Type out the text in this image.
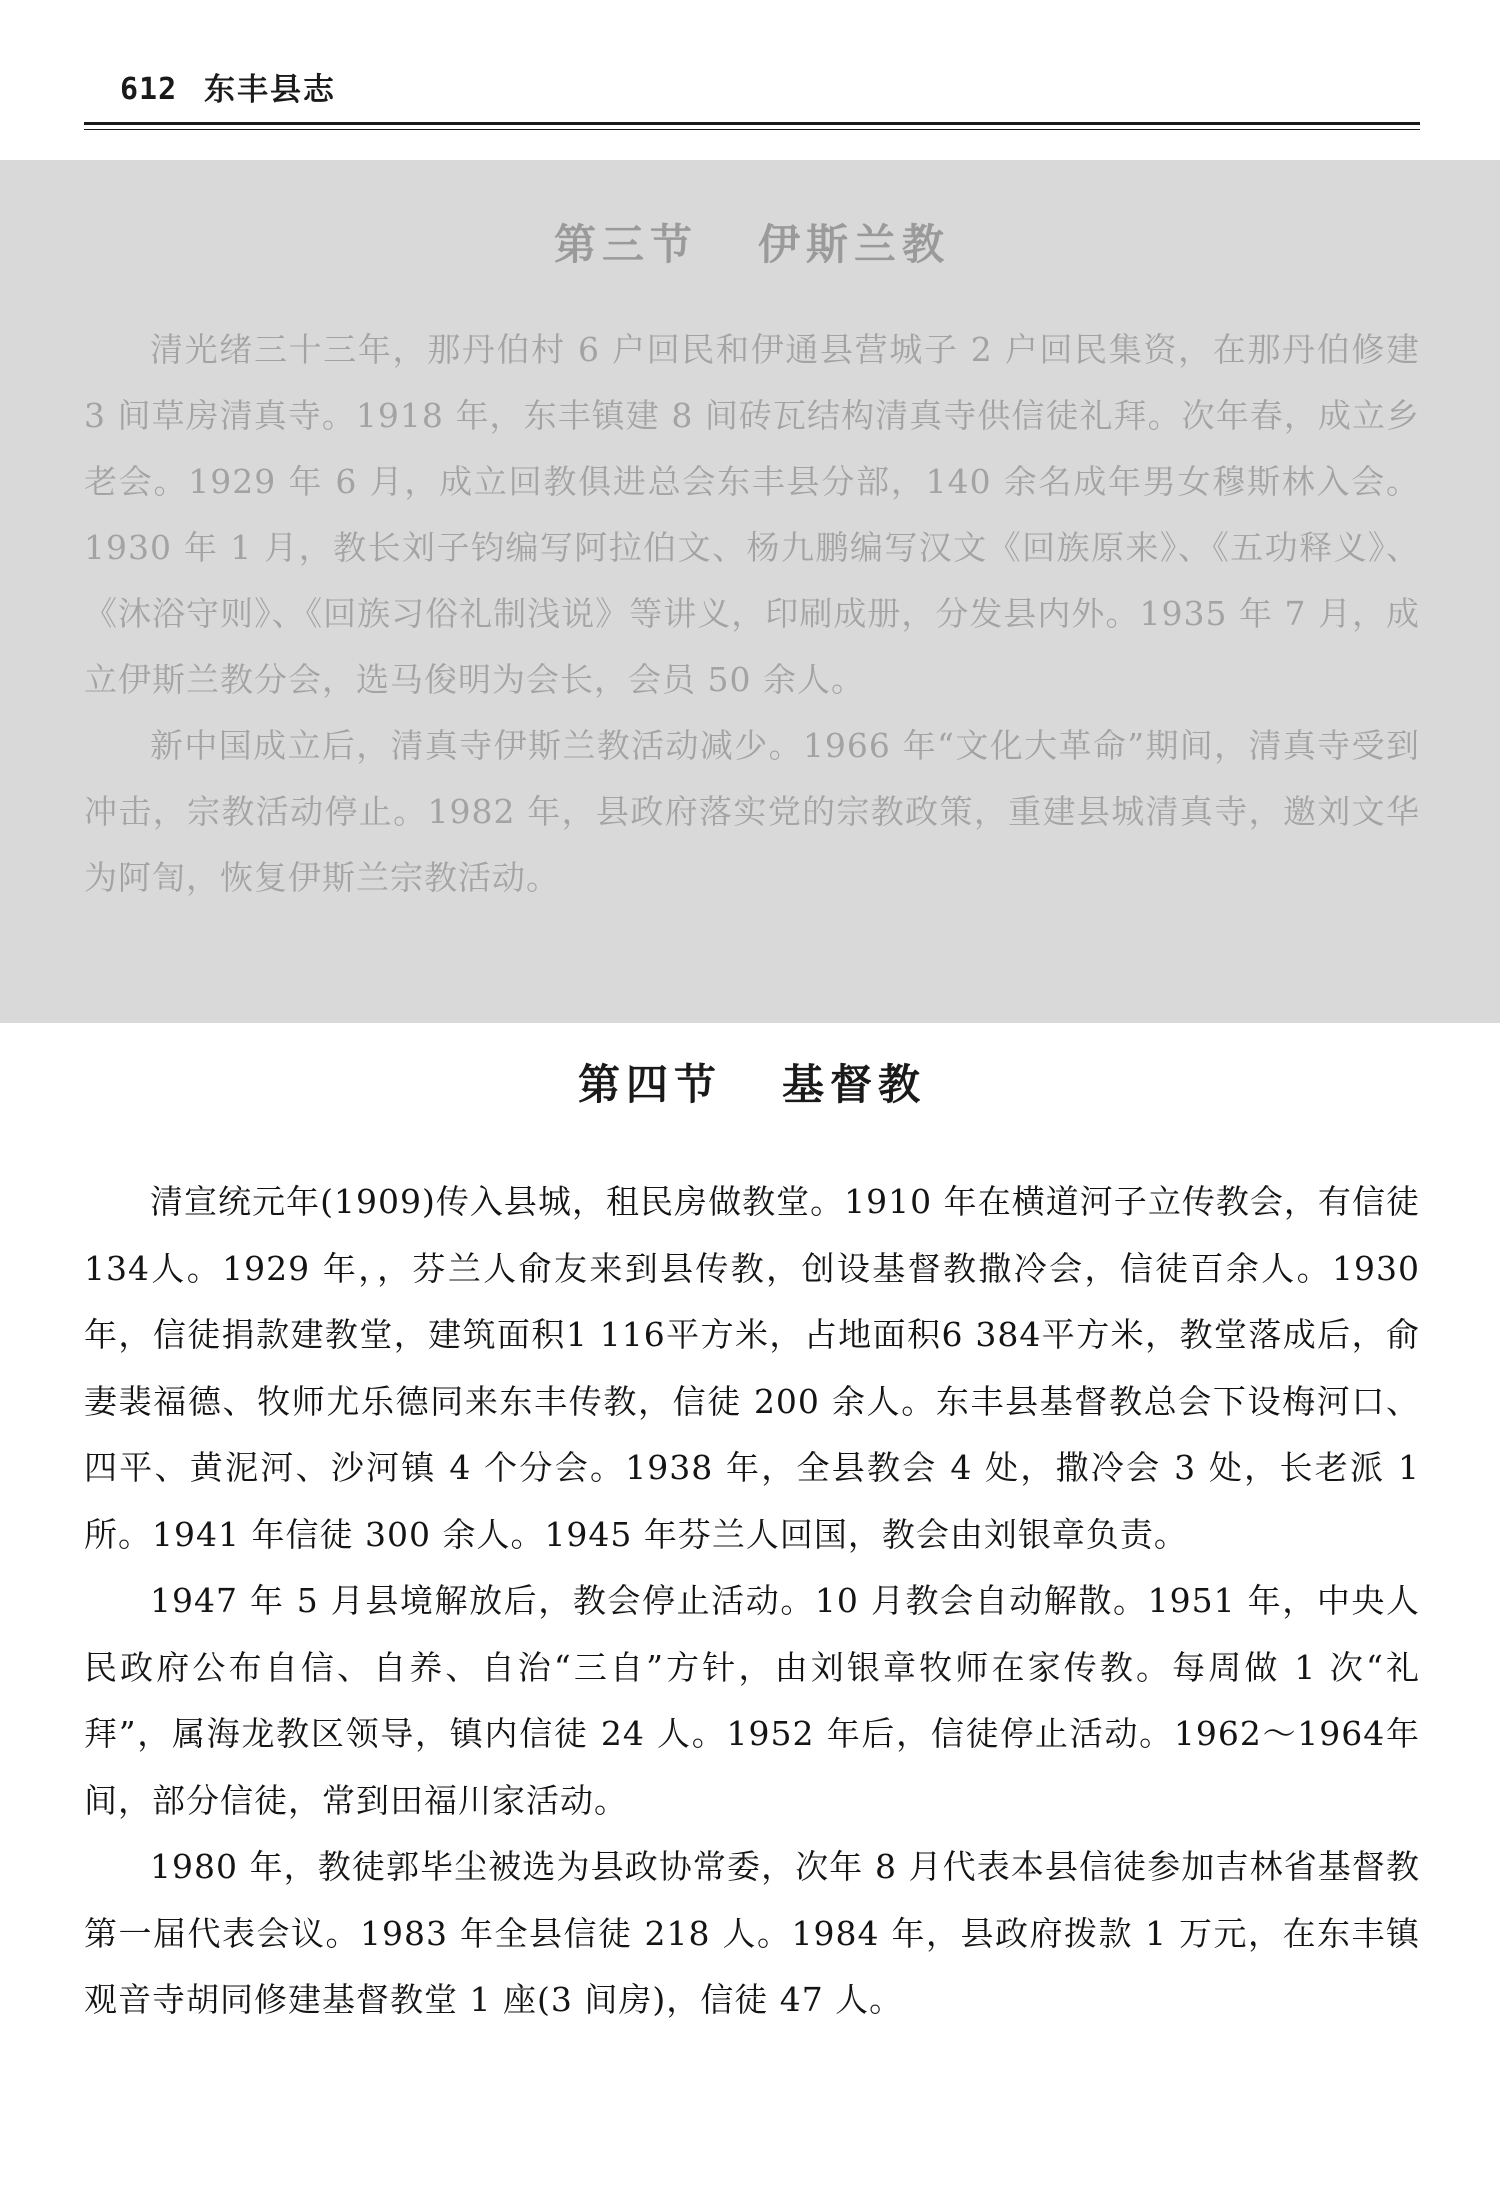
612 东丰县志
第三节 伊斯兰教

清光绪三十三年，那丹伯村 6 户回民和伊通县营城子 2 户回民集资，在那丹伯修建 3 间草房清真寺。1918 年，东丰镇建 8 间砖瓦结构清真寺供信徒礼拜。次年春，成立乡老会。1929 年 6 月，成立回教俱进总会东丰县分部，140 余名成年男女穆斯林入会。1930 年 1 月，教长刘子钧编写阿拉伯文、杨九鹏编写汉文《回族原来》、《五功释义》、《沐浴守则》、《回族习俗礼制浅说》等讲义，印刷成册，分发县内外。1935 年 7 月，成立伊斯兰教分会，选马俊明为会长，会员 50 余人。

新中国成立后，清真寺伊斯兰教活动减少。1966 年“文化大革命”期间，清真寺受到冲击，宗教活动停止。1982 年，县政府落实党的宗教政策，重建县城清真寺，邀刘文华为阿訇，恢复伊斯兰宗教活动。

第四节 基督教

清宣统元年(1909)传入县城，租民房做教堂。1910 年在横道河子立传教会，有信徒134人。1929 年，，芬兰人俞友来到县传教，创设基督教撒冷会，信徒百余人。1930 年，信徒捐款建教堂，建筑面积1 116平方米，占地面积6 384平方米，教堂落成后，俞妻裴福德、牧师尤乐德同来东丰传教，信徒 200 余人。东丰县基督教总会下设梅河口、四平、黄泥河、沙河镇 4 个分会。1938 年，全县教会 4 处，撒冷会 3 处，长老派 1 所。1941 年信徒 300 余人。1945 年芬兰人回国，教会由刘银章负责。

1947 年 5 月县境解放后，教会停止活动。10 月教会自动解散。1951 年，中央人民政府公布自信、自养、自治“三自”方针，由刘银章牧师在家传教。每周做 1 次“礼拜”，属海龙教区领导，镇内信徒 24 人。1952 年后，信徒停止活动。1962～1964年间，部分信徒，常到田福川家活动。

1980 年，教徒郭毕尘被选为县政协常委，次年 8 月代表本县信徒参加吉林省基督教第一届代表会议。1983 年全县信徒 218 人。1984 年，县政府拨款 1 万元，在东丰镇观音寺胡同修建基督教堂 1 座(3 间房)，信徒 47 人。
